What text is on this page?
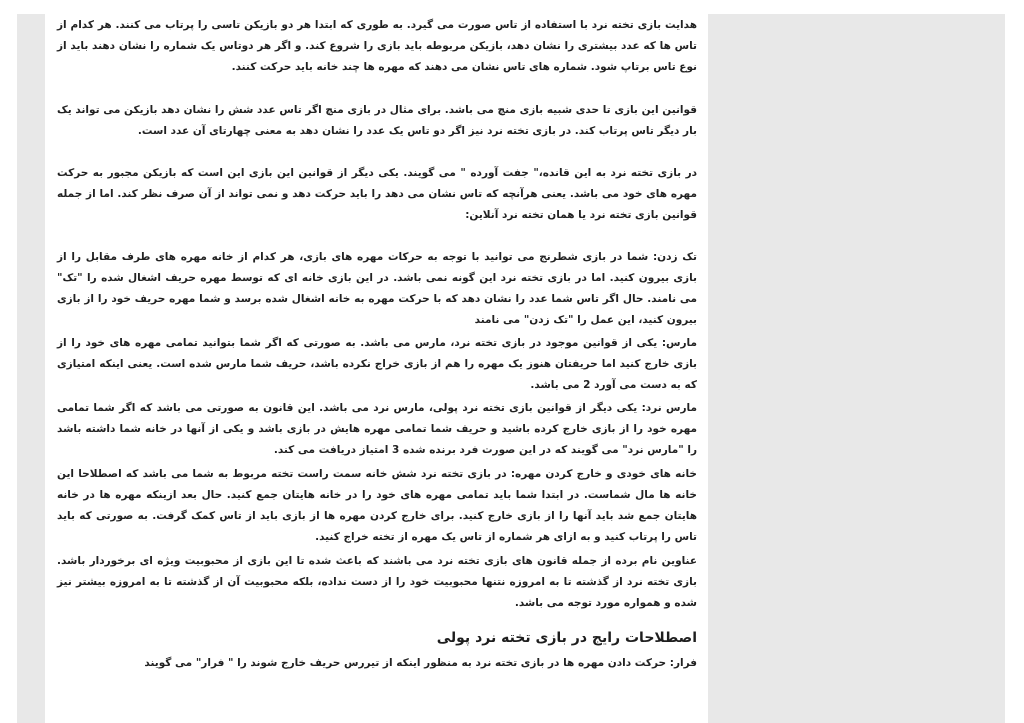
هدایت بازی تخته نرد با استفاده از تاس صورت می گیرد. به طوری که ابتدا هر دو بازیکن تاسی را پرتاب می کنند. هر کدام از تاس ها که عدد بیشتری را نشان دهد، بازیکن مربوطه باید بازی را شروع کند. و اگر هر دوتاس یک شماره را نشان دهند باید از نوع تاس برتاپ شود. شماره های تاس نشان می دهند که مهره ها چند خانه باید حرکت کنند.

قوانین این بازی تا حدی شبیه بازی منچ می باشد. برای مثال در بازی منچ اگر تاس عدد شش را نشان دهد بازیکن می تواند یک بار دیگر تاس پرتاب کند. در بازی تخته نرد نیز اگر دو تاس یک عدد را نشان دهد به معنی چهارتای آن عدد است.

در بازی تخته نرد به این قانده،" جفت آورده " می گویند. یکی دیگر از قوانین این بازی این است که بازیکن مجبور به حرکت مهره های خود می باشد. یعنی هرآنچه که تاس نشان می دهد را باید حرکت دهد و نمی تواند از آن صرف نظر کند. اما از جمله قوانین بازی تخته نرد یا همان تخته نرد آنلاین:

تک زدن: شما در بازی شطرنج می توانید با توجه به حرکات مهره های بازی، هر کدام از خانه مهره های طرف مقابل را از بازی بیرون کنید. اما در بازی تخته نرد این گونه نمی باشد. در این بازی خانه ای که توسط مهره حریف اشغال شده را "تک" می نامند. حال اگر تاس شما عدد را نشان دهد که با حرکت مهره به خانه اشغال شده برسد و شما مهره حریف خود را از بازی بیرون کنید، این عمل را "تک زدن" می نامند

مارس: یکی از قوانین موجود در بازی تخته نرد، مارس می باشد. به صورتی که اگر شما بتوانید تمامی مهره های خود را از بازی خارج کنید اما حریفتان هنوز یک مهره را هم از بازی خراج نکرده باشد، حریف شما مارس شده است. یعنی اینکه امتیازی که به دست می آورد 2 می باشد.

مارس نرد: یکی دیگر از قوانین بازی تخته نرد پولی، مارس نرد می باشد. این قانون به صورتی می باشد که اگر شما تمامی مهره خود را از بازی خارج کرده باشید و حریف شما تمامی مهره هایش در بازی باشد و یکی از آنها در خانه شما داشته باشد را "مارس نرد" می گویند که در این صورت فرد برنده شده 3 امتیاز دریافت می کند.

خانه های خودی و خارج کردن مهره: در بازی تخته نرد شش خانه سمت راست تخته مربوط به شما می باشد که اصطلاحا این خانه ها مال شماست. در ابتدا شما باید تمامی مهره های خود را در خانه هایتان جمع کنید. حال بعد ازینکه مهره ها در خانه هایتان جمع شد باید آنها را از بازی خارج کنید. برای خارج کردن مهره ها از بازی باید از تاس کمک گرفت. به صورتی که باید تاس را پرتاب کنید و به ازای هر شماره از تاس یک مهره از تخته خراج کنید.

عناوین نام برده از جمله قانون های بازی تخته نرد می باشند که باعث شده تا این بازی از محبوبیت ویژه ای برخوردار باشد. بازی تخته نرد از گذشته تا به امروزه نتنها محبوبیت خود را از دست نداده، بلکه محبوبیت آن از گذشته تا به امروزه بیشتر نیز شده و همواره مورد توجه می باشد.

اصطلاحات رایج در بازی تخته نرد پولی

فرار: حرکت دادن مهره ها در بازی تخته نرد به منظور اینکه از تیررس حریف خارج شوند را " فرار" می گویند
